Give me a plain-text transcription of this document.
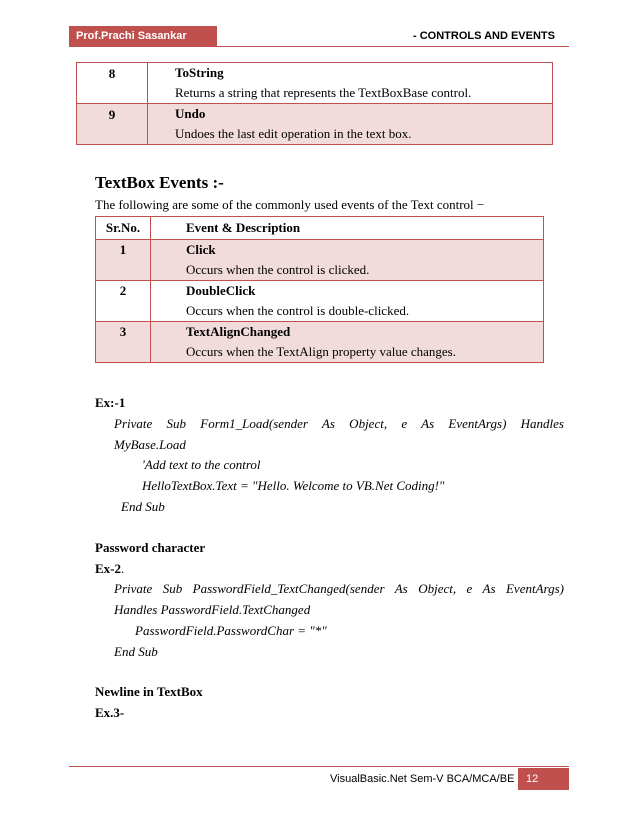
Prof.Prachi Sasankar	- CONTROLS AND EVENTS
8	ToString
Returns a string that represents the TextBoxBase control.

9	Undo
Undoes the last edit operation in the text box.
TextBox Events :-
The following are some of the commonly used events of the Text control −
Sr.No.	Event & Description
1	Click
Occurs when the control is clicked.

2	DoubleClick
Occurs when the control is double-clicked.

3	TextAlignChanged
Occurs when the TextAlign property value changes.
Ex:-1
Private  Sub  Form1_Load(sender  As  Object,  e  As  EventArgs)  Handles
MyBase.Load
'Add text to the control
HelloTextBox.Text = "Hello. Welcome to VB.Net Coding!"
End Sub
Password character
Ex-2.
Private  Sub  PasswordField_TextChanged(sender  As  Object,  e  As  EventArgs)
Handles PasswordField.TextChanged
PasswordField.PasswordChar = "*"
End Sub
Newline in TextBox
Ex.3-
VisualBasic.Net Sem-V BCA/MCA/BE	12
